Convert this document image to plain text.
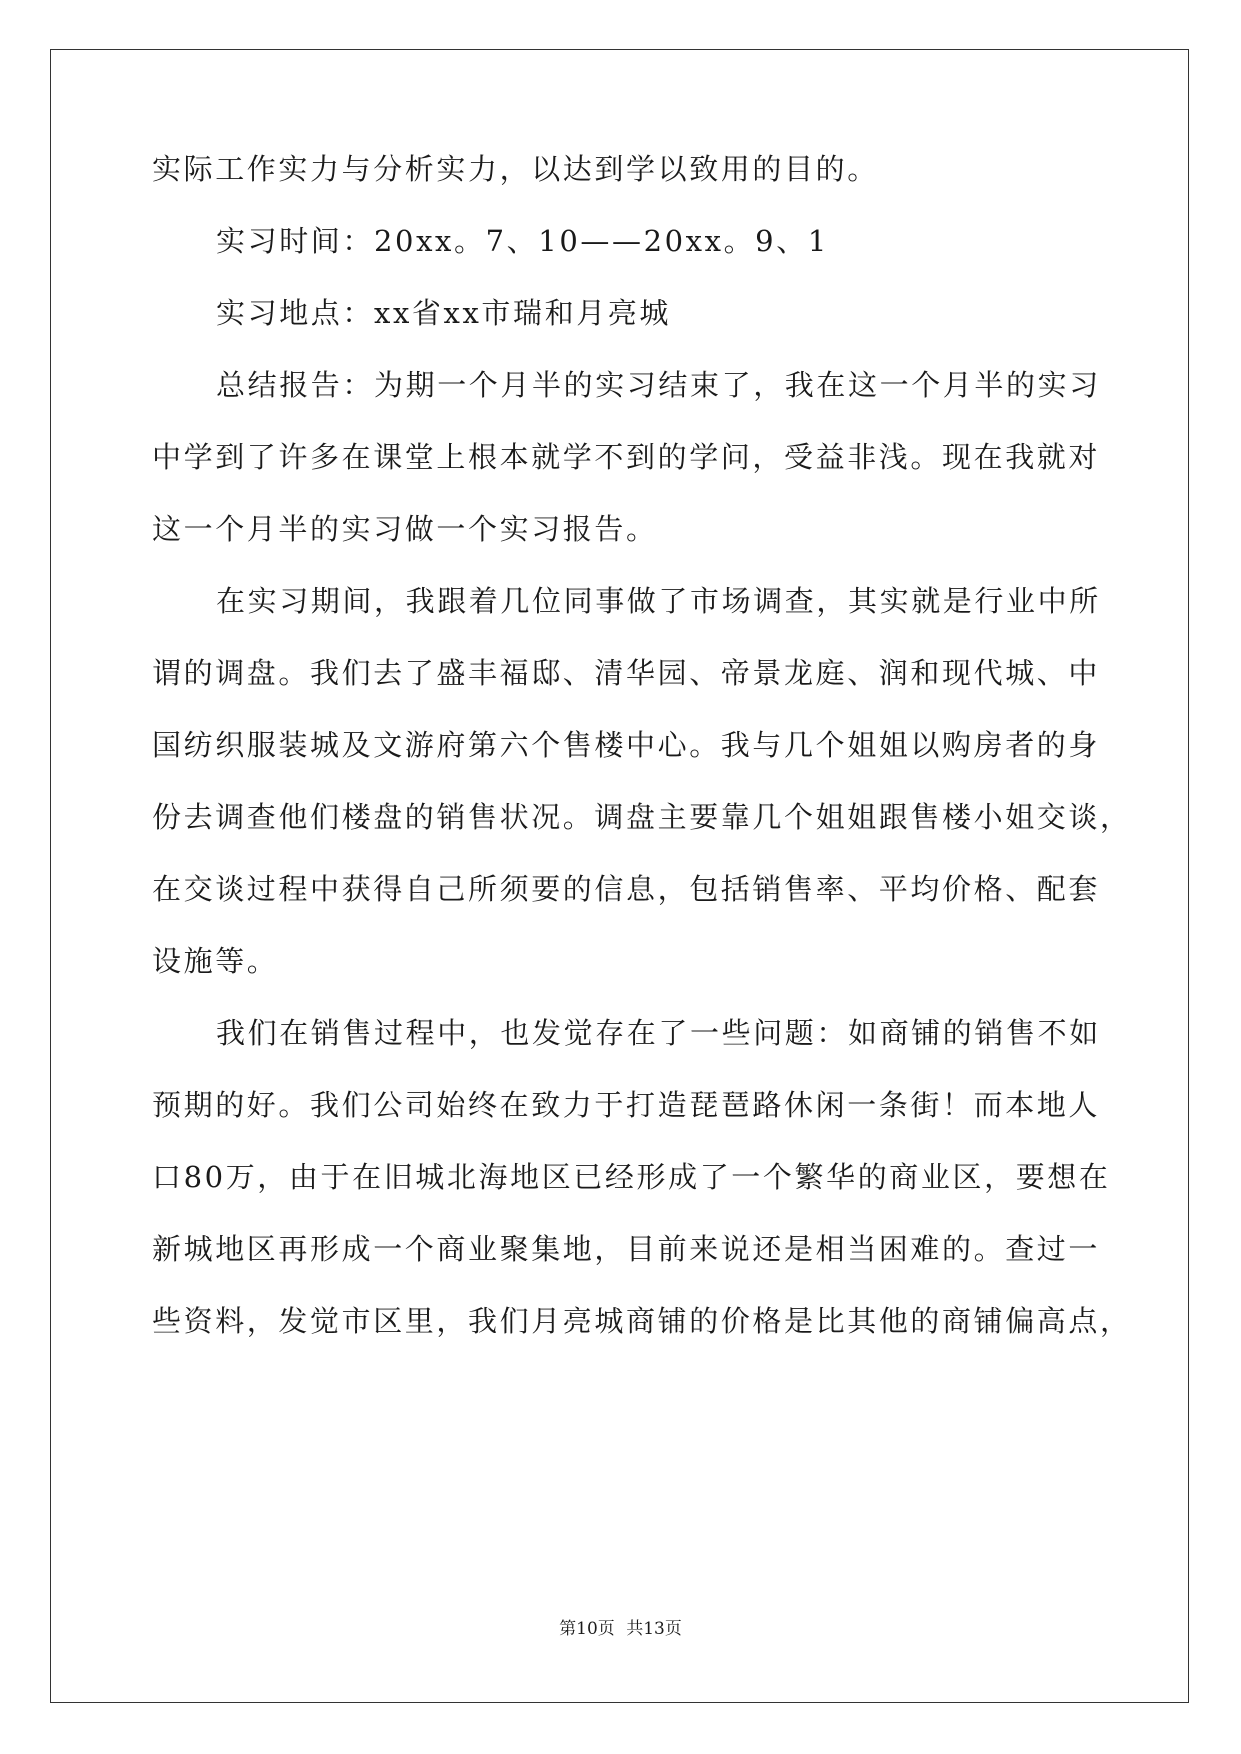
实际工作实力与分析实力，以达到学以致用的目的。
实习时间：20xx。7、10——20xx。9、1
实习地点：xx省xx市瑞和月亮城
总结报告：为期一个月半的实习结束了，我在这一个月半的实习
中学到了许多在课堂上根本就学不到的学问，受益非浅。现在我就对
这一个月半的实习做一个实习报告。
在实习期间，我跟着几位同事做了市场调查，其实就是行业中所
谓的调盘。我们去了盛丰福邸、清华园、帝景龙庭、润和现代城、中
国纺织服装城及文游府第六个售楼中心。我与几个姐姐以购房者的身
份去调查他们楼盘的销售状况。调盘主要靠几个姐姐跟售楼小姐交谈，
在交谈过程中获得自己所须要的信息，包括销售率、平均价格、配套
设施等。
我们在销售过程中，也发觉存在了一些问题：如商铺的销售不如
预期的好。我们公司始终在致力于打造琵琶路休闲一条街！而本地人
口80万，由于在旧城北海地区已经形成了一个繁华的商业区，要想在
新城地区再形成一个商业聚集地，目前来说还是相当困难的。查过一
些资料，发觉市区里，我们月亮城商铺的价格是比其他的商铺偏高点，
第10页 共13页
